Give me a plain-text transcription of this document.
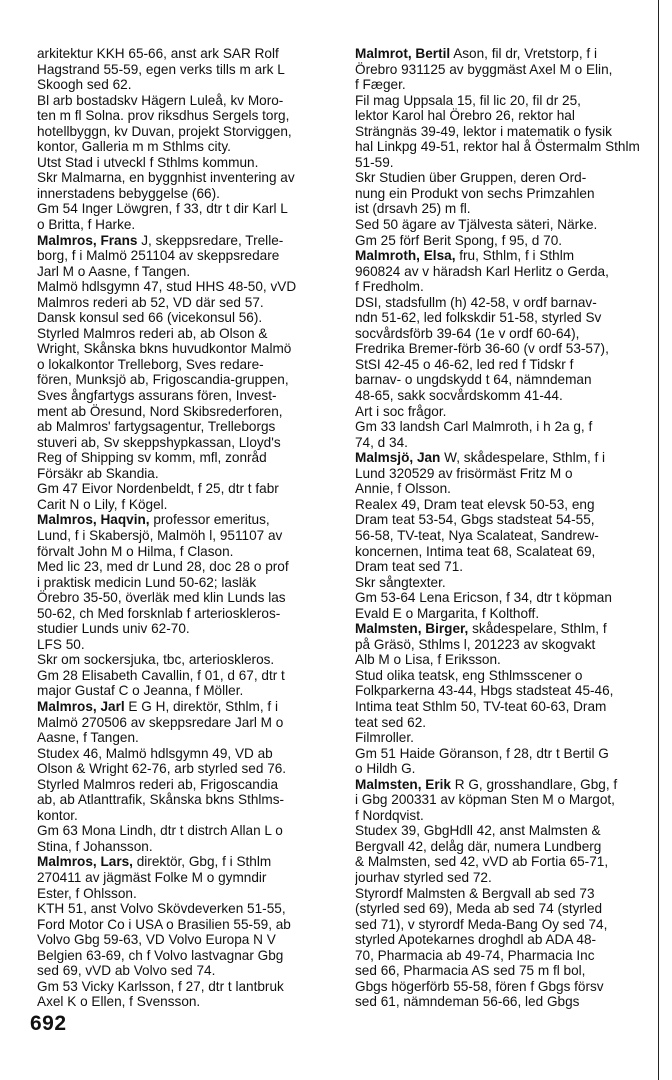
arkitektur KKH 65-66, anst ark SAR Rolf
Hagstrand 55-59, egen verks tills m ark L
Skoogh sed 62.
Bl arb bostadskv Hägern Luleå, kv Moro-
ten m fl Solna. prov riksdhus Sergels torg,
hotellbyggn, kv Duvan, projekt Storviggen,
kontor, Galleria m m Sthlms city.
Utst Stad i utveckl f Sthlms kommun.
Skr Malmarna, en byggnhist inventering av
innerstadens bebyggelse (66).
Gm 54 Inger Löwgren, f 33, dtr t dir Karl L
o Britta, f Harke.
Malmros, Frans J, skeppsredare, Trelle-
borg, f i Malmö 251104 av skeppsredare
Jarl M o Aasne, f Tangen.
Malmö hdlsgymn 47, stud HHS 48-50, vVD
Malmros rederi ab 52, VD där sed 57.
Dansk konsul sed 66 (vicekonsul 56).
Styrled Malmros rederi ab, ab Olson &
Wright, Skånska bkns huvudkontor Malmö
o lokalkontor Trelleborg, Sves redare-
fören, Munksjö ab, Frigoscandia-gruppen,
Sves ångfartygs assurans fören, Invest-
ment ab Öresund, Nord Skibsrederforen,
ab Malmros' fartygsagentur, Trelleborgs
stuveri ab, Sv skeppshypkassan, Lloyd's
Reg of Shipping sv komm, mfl, zonråd
Försäkr ab Skandia.
Gm 47 Eivor Nordenbeldt, f 25, dtr t fabr
Carit N o Lily, f Kögel.
Malmros, Haqvin, professor emeritus,
Lund, f i Skabersjö, Malmöh l, 951107 av
förvalt John M o Hilma, f Clason.
Med lic 23, med dr Lund 28, doc 28 o prof
i praktisk medicin Lund 50-62; lasläk
Örebro 35-50, överläk med klin Lunds las
50-62, ch Med forsknlab f arterioskleros-
studier Lunds univ 62-70.
LFS 50.
Skr om sockersjuka, tbc, arterioskleros.
Gm 28 Elisabeth Cavallin, f 01, d 67, dtr t
major Gustaf C o Jeanna, f Möller.
Malmros, Jarl E G H, direktör, Sthlm, f i
Malmö 270506 av skeppsredare Jarl M o
Aasne, f Tangen.
Studex 46, Malmö hdlsgymn 49, VD ab
Olson & Wright 62-76, arb styrled sed 76.
Styrled Malmros rederi ab, Frigoscandia
ab, ab Atlanttrafik, Skånska bkns Sthlms-
kontor.
Gm 63 Mona Lindh, dtr t distrch Allan L o
Stina, f Johansson.
Malmros, Lars, direktör, Gbg, f i Sthlm
270411 av jägmäst Folke M o gymndir
Ester, f Ohlsson.
KTH 51, anst Volvo Skövdeverken 51-55,
Ford Motor Co i USA o Brasilien 55-59, ab
Volvo Gbg 59-63, VD Volvo Europa N V
Belgien 63-69, ch f Volvo lastvagnar Gbg
sed 69, vVD ab Volvo sed 74.
Gm 53 Vicky Karlsson, f 27, dtr t lantbruk
Axel K o Ellen, f Svensson.
Malmrot, Bertil Ason, fil dr, Vretstorp, f i
Örebro 931125 av byggmäst Axel M o Elin,
f Fæger.
Fil mag Uppsala 15, fil lic 20, fil dr 25,
lektor Karol hal Örebro 26, rektor hal
Strängnäs 39-49, lektor i matematik o fysik
hal Linkpg 49-51, rektor hal å Östermalm Sthlm
51-59.
Skr Studien über Gruppen, deren Ord-
nung ein Produkt von sechs Primzahlen
ist (drsavh 25) m fl.
Sed 50 ägare av Tjälvesta säteri, Närke.
Gm 25 förf Berit Spong, f 95, d 70.
Malmroth, Elsa, fru, Sthlm, f i Sthlm
960824 av v häradsh Karl Herlitz o Gerda,
f Fredholm.
DSI, stadsfullm (h) 42-58, v ordf barnav-
ndn 51-62, led folkskdir 51-58, styrled Sv
socvårdsförb 39-64 (1e v ordf 60-64),
Fredrika Bremer-förb 36-60 (v ordf 53-57),
StSI 42-45 o 46-62, led red f Tidskr f
barnav- o ungdskydd t 64, nämndeman
48-65, sakk socvårdskomm 41-44.
Art i soc frågor.
Gm 33 landsh Carl Malmroth, i h 2a g, f
74, d 34.
Malmsjö, Jan W, skådespelare, Sthlm, f i
Lund 320529 av frisörmäst Fritz M o
Annie, f Olsson.
Realex 49, Dram teat elevsk 50-53, eng
Dram teat 53-54, Gbgs stadsteat 54-55,
56-58, TV-teat, Nya Scalateat, Sandrew-
koncernen, Intima teat 68, Scalateat 69,
Dram teat sed 71.
Skr sångtexter.
Gm 53-64 Lena Ericson, f 34, dtr t köpman
Evald E o Margarita, f Kolthoff.
Malmsten, Birger, skådespelare, Sthlm, f
på Gräsö, Sthlms l, 201223 av skogvakt
Alb M o Lisa, f Eriksson.
Stud olika teatsk, eng Sthlmsscener o
Folkparkerna 43-44, Hbgs stadsteat 45-46,
Intima teat Sthlm 50, TV-teat 60-63, Dram
teat sed 62.
Filmroller.
Gm 51 Haide Göranson, f 28, dtr t Bertil G
o Hildh G.
Malmsten, Erik R G, grosshandlare, Gbg, f
i Gbg 200331 av köpman Sten M o Margot,
f Nordqvist.
Studex 39, GbgHdll 42, anst Malmsten &
Bergvall 42, delåg där, numera Lundberg
& Malmsten, sed 42, vVD ab Fortia 65-71,
jourhav styrled sed 72.
Styrordf Malmsten & Bergvall ab sed 73
(styrled sed 69), Meda ab sed 74 (styrled
sed 71), v styrordf Meda-Bang Oy sed 74,
styrled Apotekarnes droghdl ab ADA 48-
70, Pharmacia ab 49-74, Pharmacia Inc
sed 66, Pharmacia AS sed 75 m fl bol,
Gbgs högerförb 55-58, fören f Gbgs försv
sed 61, nämndeman 56-66, led Gbgs
692
